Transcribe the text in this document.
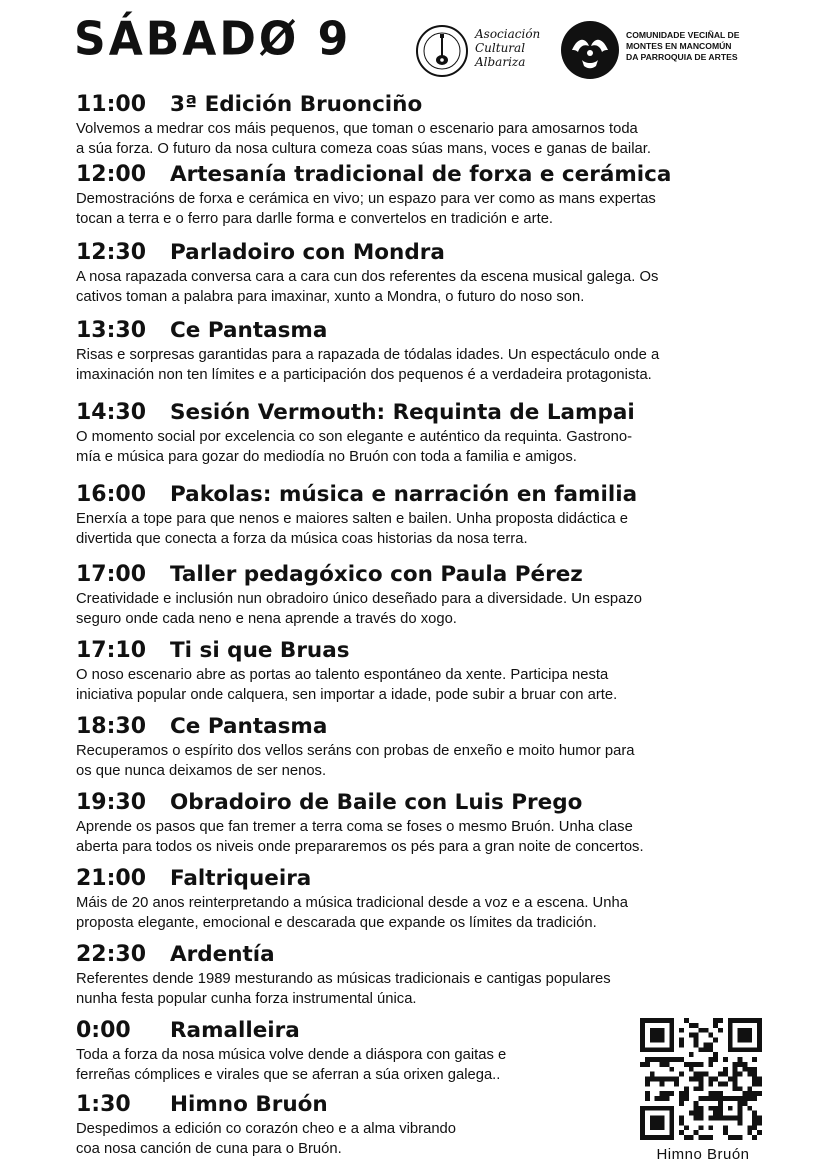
SÁBADØ 9	Asociación
Cultural
Albariza
COMUNIDADE VECIÑAL DE
MONTES EN MANCOMÚN
DA PARROQUIA DE ARTES
11:00	3ª Edición Bruonciño
Volvemos a medrar cos máis pequenos, que toman o escenario para amosarnos toda
a súa forza. O futuro da nosa cultura comeza coas súas mans, voces e ganas de bailar.
12:00	Artesanía tradicional de forxa e cerámica
Demostracións de forxa e cerámica en vivo; un espazo para ver como as mans expertas
tocan a terra e o ferro para darlle forma e convertelos en tradición e arte.
12:30	Parladoiro con Mondra
A nosa rapazada conversa cara a cara cun dos referentes da escena musical galega. Os
cativos toman a palabra para imaxinar, xunto a Mondra, o futuro do noso son.
13:30	Ce Pantasma
Risas e sorpresas garantidas para a rapazada de tódalas idades. Un espectáculo onde a
imaxinación non ten límites e a participación dos pequenos é a verdadeira protagonista.
14:30	Sesión Vermouth: Requinta de Lampai
O momento social por excelencia co son elegante e auténtico da requinta. Gastrono-
mía e música para gozar do mediodía no Bruón con toda a familia e amigos.
16:00	Pakolas: música e narración en familia
Enerxía a tope para que nenos e maiores salten e bailen. Unha proposta didáctica e
divertida que conecta a forza da música coas historias da nosa terra.
17:00	Taller pedagóxico con Paula Pérez
Creatividade e inclusión nun obradoiro único deseñado para a diversidade. Un espazo
seguro onde cada neno e nena aprende a través do xogo.
17:10	Ti si que Bruas
O noso escenario abre as portas ao talento espontáneo da xente. Participa nesta
iniciativa popular onde calquera, sen importar a idade, pode subir a bruar con arte.
18:30	Ce Pantasma
Recuperamos o espírito dos vellos seráns con probas de enxeño e moito humor para
os que nunca deixamos de ser nenos.
19:30	Obradoiro de Baile con Luis Prego
Aprende os pasos que fan tremer a terra coma se foses o mesmo Bruón. Unha clase
aberta para todos os niveis onde prepararemos os pés para a gran noite de concertos.
21:00	Faltriqueira
Máis de 20 anos reinterpretando a música tradicional desde a voz e a escena. Unha
proposta elegante, emocional e descarada que expande os límites da tradición.
22:30	Ardentía
Referentes dende 1989 mesturando as músicas tradicionais e cantigas populares
nunha festa popular cunha forza instrumental única.
0:00	Ramalleira
Toda a forza da nosa música volve dende a diáspora con gaitas e
ferreñas cómplices e virales que se aferran a súa orixen galega..
1:30	Himno Bruón
Despedimos a edición co corazón cheo e a alma vibrando
coa nosa canción de cuna para o Bruón.	Himno Bruón
